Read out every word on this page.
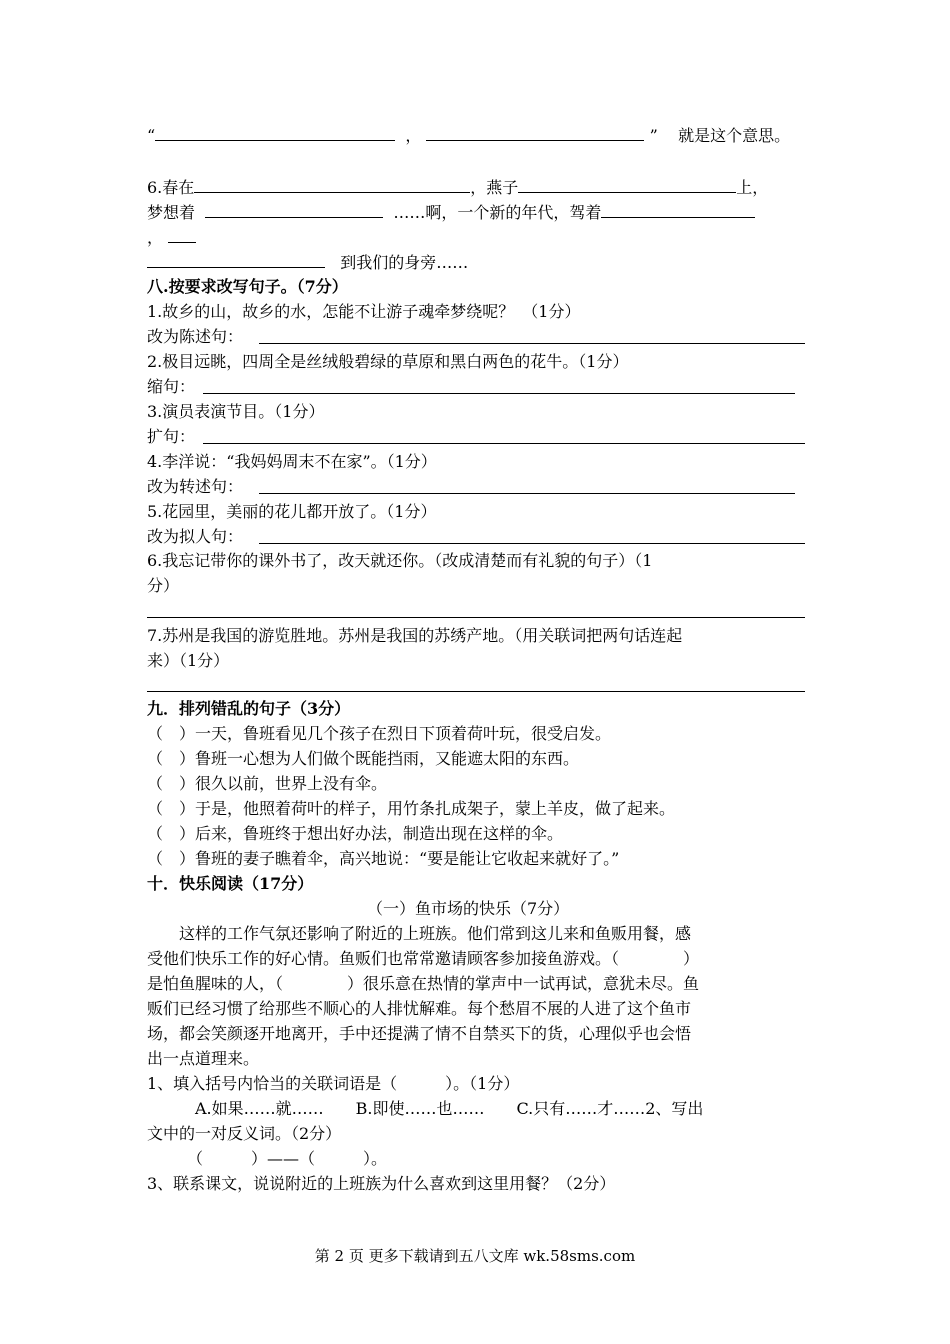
“	，	” 就是这个意思。
6.春在	，燕子	上，
梦想着	……啊，一个新的年代，驾着
，
到我们的身旁……
八.按要求改写句子。（7分）
1.故乡的山，故乡的水，怎能不让游子魂牵梦绕呢？　（1分）
改为陈述句：
2.极目远眺，四周全是丝绒般碧绿的草原和黑白两色的花牛。（1分）
缩句：
3.演员表演节目。（1分）
扩句：
4.李洋说：“我妈妈周末不在家”。（1分）
改为转述句：
5.花园里，美丽的花儿都开放了。（1分）
改为拟人句：
6.我忘记带你的课外书了，改天就还你。（改成清楚而有礼貌的句子）（1
分）
7.苏州是我国的游览胜地。苏州是我国的苏绣产地。（用关联词把两句话连起
来）（1分）
九．排列错乱的句子（3分）
（　）一天，鲁班看见几个孩子在烈日下顶着荷叶玩，很受启发。
（　）鲁班一心想为人们做个既能挡雨，又能遮太阳的东西。
（　）很久以前，世界上没有伞。
（　）于是，他照着荷叶的样子，用竹条扎成架子，蒙上羊皮，做了起来。
（　）后来，鲁班终于想出好办法，制造出现在这样的伞。
（　）鲁班的妻子瞧着伞，高兴地说：“要是能让它收起来就好了。”
十．快乐阅读（17分）
（一）鱼市场的快乐（7分）
　　这样的工作气氛还影响了附近的上班族。他们常到这儿来和鱼贩用餐，感
受他们快乐工作的好心情。鱼贩们也常常邀请顾客参加接鱼游戏。（　　　　）
是怕鱼腥味的人，（　　　　）很乐意在热情的掌声中一试再试，意犹未尽。鱼
贩们已经习惯了给那些不顺心的人排忧解难。每个愁眉不展的人进了这个鱼市
场，都会笑颜逐开地离开，手中还提满了情不自禁买下的货，心理似乎也会悟
出一点道理来。
1、填入括号内恰当的关联词语是（　　　）。（1分）
　　　A.如果……就……　　B.即使……也……　　C.只有……才……2、写出
文中的一对反义词。（2分）
　　　（　　　）——（　　　）。
3、联系课文，说说附近的上班族为什么喜欢到这里用餐？（2分）
第 2 页 更多下载请到五八文库 wk.58sms.com
